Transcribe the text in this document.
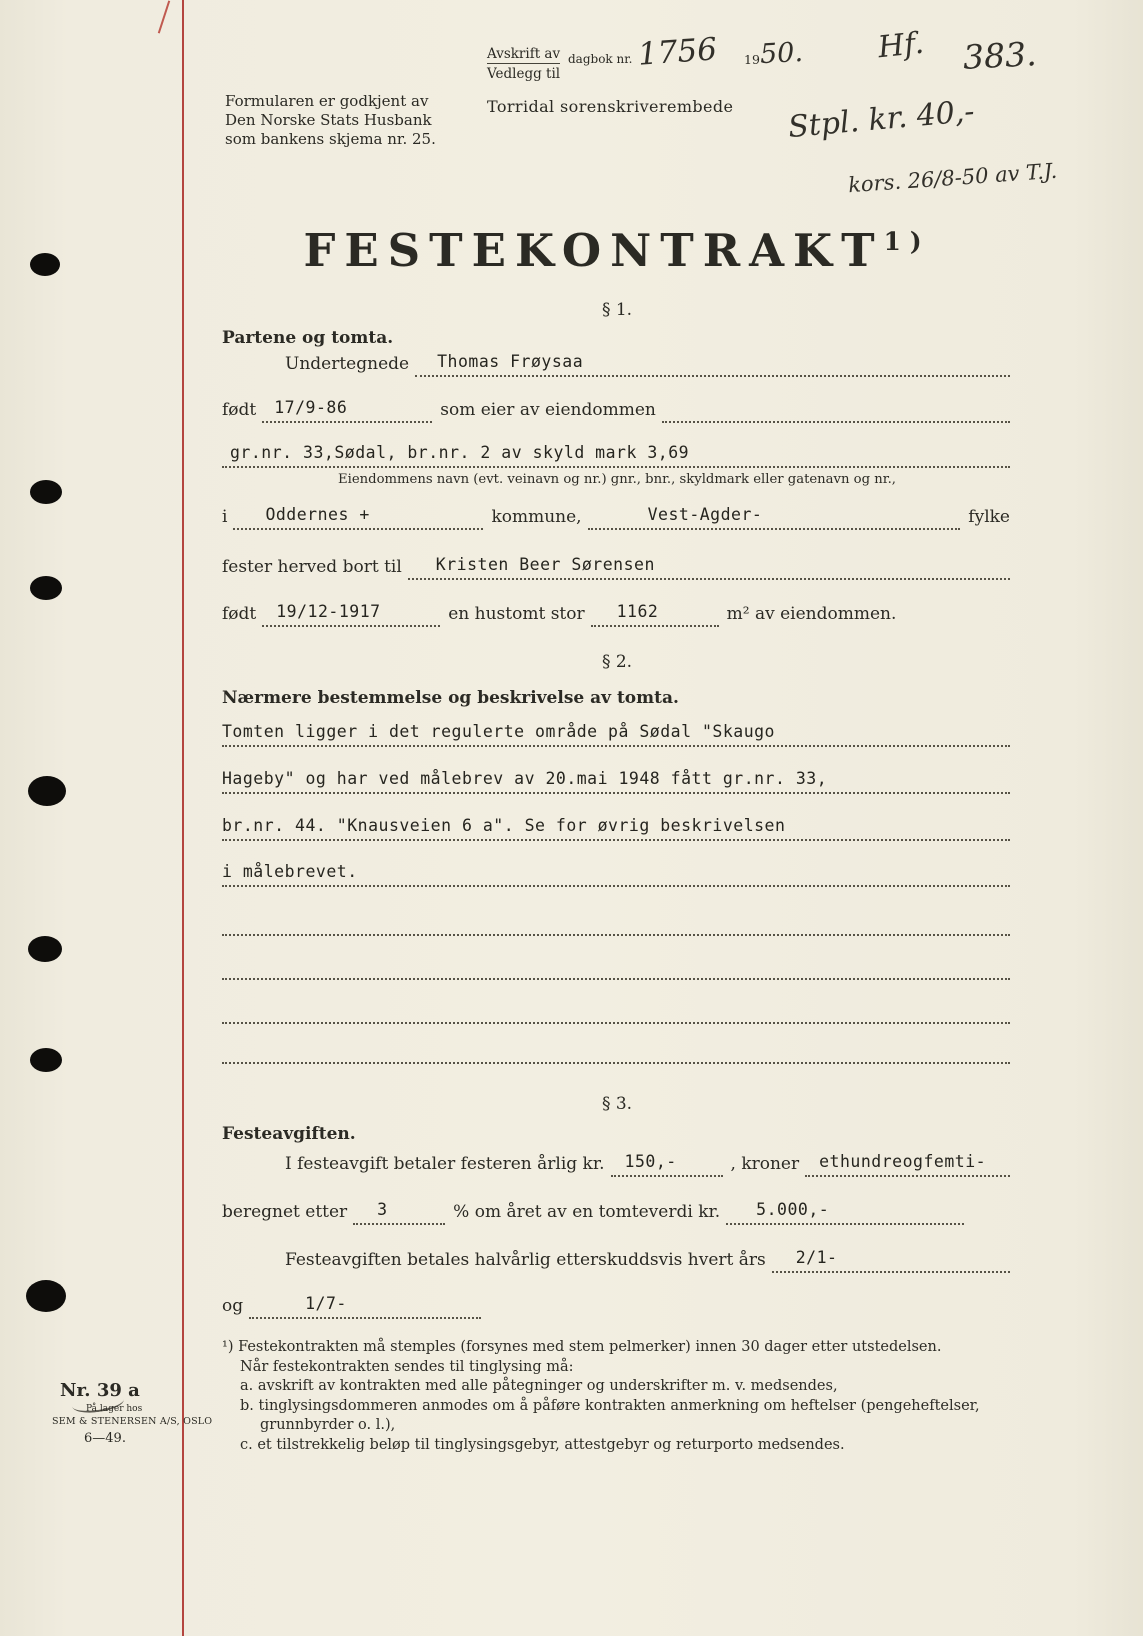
Avskrift av
Vedlegg til
dagbok nr. 1756 19 50.
Torridal sorenskriverembede
Formularen er godkjent av
Den Norske Stats Husbank
som bankens skjema nr. 25.
Hf. 383.
Stpl. kr. 40,-
kors. 26/8-50 av T.J.
FESTEKONTRAKT$^{1)}$
§ 1.
Partene og tomta.
Undertegnede	Thomas Frøysaa
født	17/9-86	som eier av eiendommen
gr.nr. 33,Sødal, br.nr. 2 av skyld mark 3,69
Eiendommens navn (evt. veinavn og nr.) gnr., bnr., skyldmark eller gatenavn og nr.,
i	Oddernes +	kommune,	Vest-Agder-	fylke
fester herved bort til	Kristen Beer Sørensen
født	19/12-1917	en hustomt stor	1162	m² av eiendommen.
§ 2.
Nærmere bestemmelse og beskrivelse av tomta.
Tomten ligger i det regulerte område på Sødal "Skaugo
Hageby" og har ved målebrev av 20.mai 1948 fått gr.nr. 33,
br.nr. 44. "Knausveien 6 a". Se for øvrig beskrivelsen
i målebrevet.
§ 3.
Festeavgiften.
I festeavgift betaler festeren årlig kr.	150,-	, kroner	ethundreogfemti-
beregnet etter	3	% om året av en tomteverdi kr.	5.000,-
Festeavgiften betales halvårlig etterskuddsvis hvert års	2/1-
og	1/7-
¹) Festekontrakten må stemples (forsynes med stem pelmerker) innen 30 dager etter utstedelsen.
Når festekontrakten sendes til tinglysing må:
a. avskrift av kontrakten med alle påtegninger og underskrifter m. v. medsendes,
b. tinglysingsdommeren anmodes om å påføre kontrakten anmerkning om heftelser (pengeheftelser,
grunnbyrder o. l.),
c. et tilstrekkelig beløp til tinglysingsgebyr, attestgebyr og returporto medsendes.
Nr. 39 a
På lager hos
SEM & STENERSEN A/S, OSLO
6—49.
